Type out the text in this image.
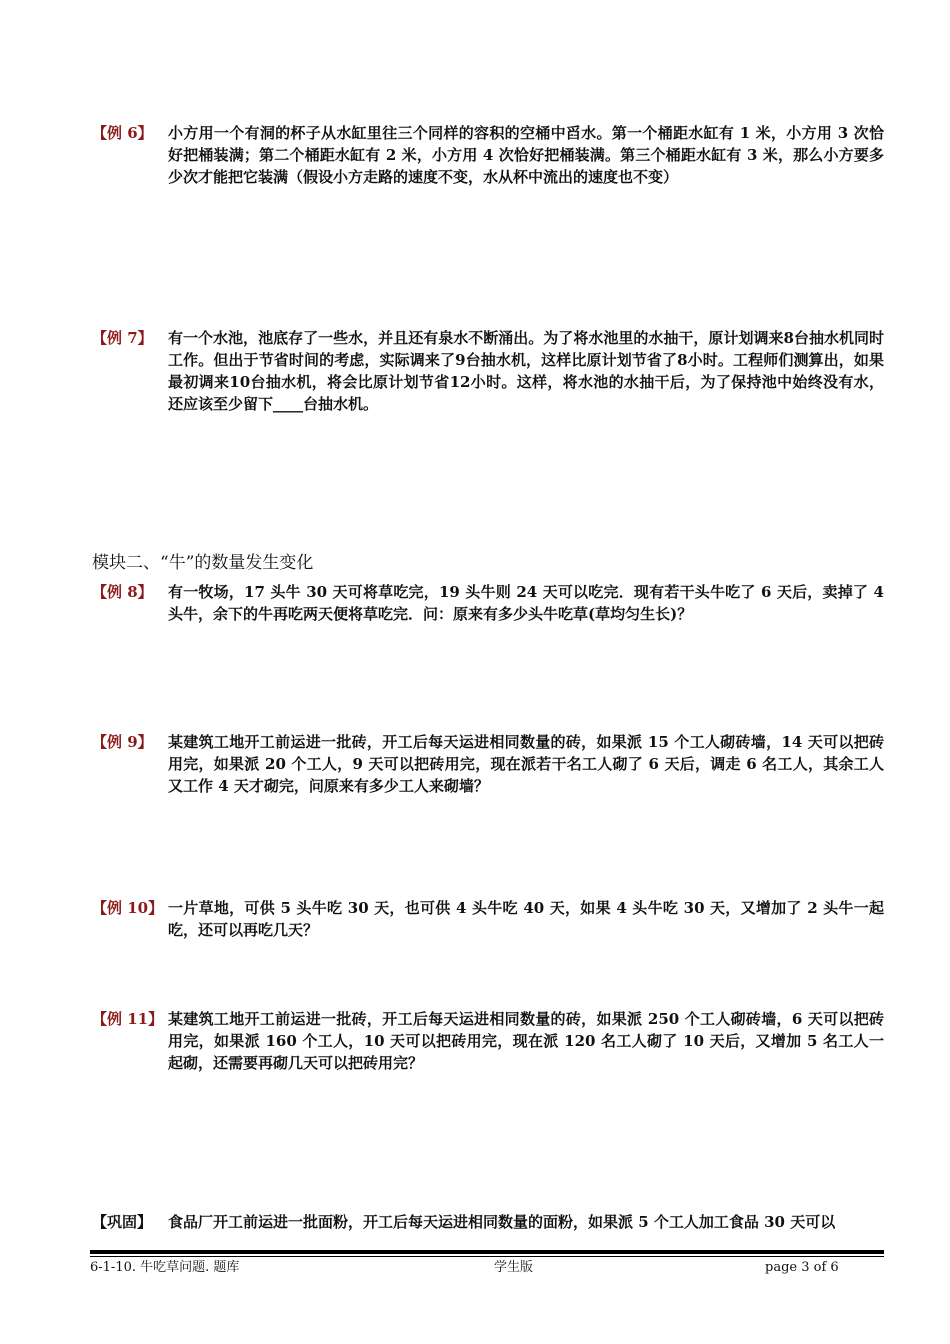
【例 6】 小方用一个有洞的杯子从水缸里往三个同样的容积的空桶中舀水。第一个桶距水缸有 1 米，小方用 3 次恰好把桶装满；第二个桶距水缸有 2 米，小方用 4 次恰好把桶装满。第三个桶距水缸有 3 米，那么小方要多少次才能把它装满（假设小方走路的速度不变，水从杯中流出的速度也不变）
【例 7】 有一个水池，池底存了一些水，并且还有泉水不断涌出。为了将水池里的水抽干，原计划调来8台抽水机同时工作。但出于节省时间的考虑，实际调来了9台抽水机，这样比原计划节省了8小时。工程师们测算出，如果最初调来10台抽水机，将会比原计划节省12小时。这样，将水池的水抽干后，为了保持池中始终没有水，还应该至少留下____台抽水机。
模块二、“牛”的数量发生变化
【例 8】 有一牧场，17 头牛 30 天可将草吃完，19 头牛则 24 天可以吃完．现有若干头牛吃了 6 天后，卖掉了 4 头牛，余下的牛再吃两天便将草吃完．问：原来有多少头牛吃草(草均匀生长)？
【例 9】 某建筑工地开工前运进一批砖，开工后每天运进相同数量的砖，如果派 15 个工人砌砖墙，14 天可以把砖用完，如果派 20 个工人，9 天可以把砖用完，现在派若干名工人砌了 6 天后，调走 6 名工人，其余工人又工作 4 天才砌完，问原来有多少工人来砌墙？
【例 10】 一片草地，可供 5 头牛吃 30 天，也可供 4 头牛吃 40 天，如果 4 头牛吃 30 天，又增加了 2 头牛一起吃，还可以再吃几天？
【例 11】 某建筑工地开工前运进一批砖，开工后每天运进相同数量的砖，如果派 250 个工人砌砖墙，6 天可以把砖用完，如果派 160 个工人，10 天可以把砖用完，现在派 120 名工人砌了 10 天后，又增加 5 名工人一起砌，还需要再砌几天可以把砖用完？
【巩固】 食品厂开工前运进一批面粉，开工后每天运进相同数量的面粉，如果派 5 个工人加工食品 30 天可以
6-1-10. 牛吃草问题. 题库	学生版	page 3 of 6
